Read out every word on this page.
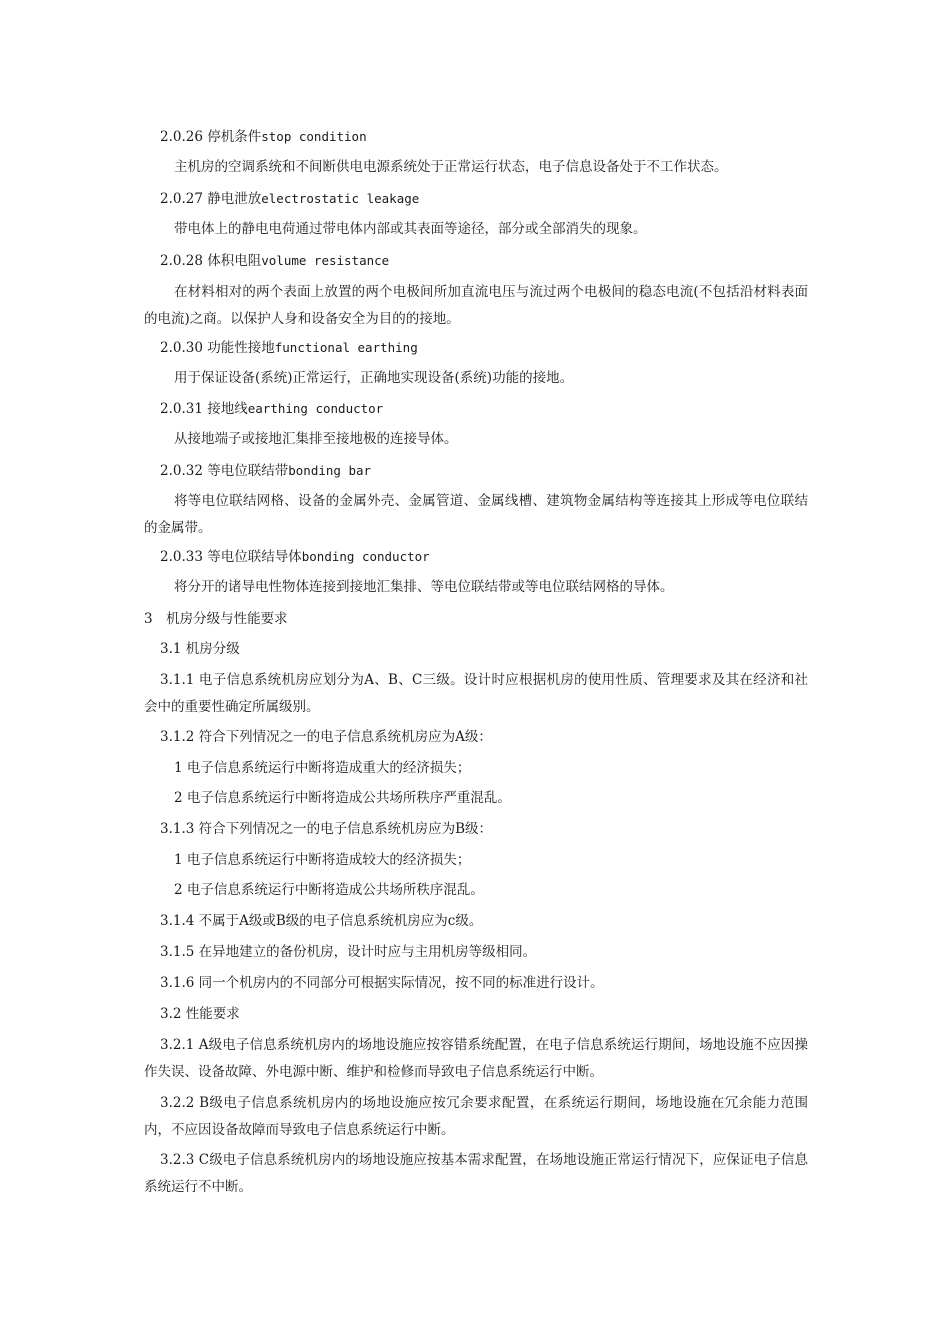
2.0.26 停机条件stop condition

主机房的空调系统和不间断供电电源系统处于正常运行状态，电子信息设备处于不工作状态。

2.0.27 静电泄放electrostatic leakage

带电体上的静电电荷通过带电体内部或其表面等途径，部分或全部消失的现象。

2.0.28 体积电阻volume resistance

在材料相对的两个表面上放置的两个电极间所加直流电压与流过两个电极间的稳态电流(不包括沿材料表面的电流)之商。以保护人身和设备安全为目的的接地。

2.0.30 功能性接地functional earthing

用于保证设备(系统)正常运行，正确地实现设备(系统)功能的接地。

2.0.31 接地线earthing conductor

从接地端子或接地汇集排至接地极的连接导体。

2.0.32 等电位联结带bonding bar

将等电位联结网格、设备的金属外壳、金属管道、金属线槽、建筑物金属结构等连接其上形成等电位联结的金属带。

2.0.33 等电位联结导体bonding conductor

将分开的诸导电性物体连接到接地汇集排、等电位联结带或等电位联结网格的导体。

3　机房分级与性能要求

3.1 机房分级

3.1.1 电子信息系统机房应划分为A、B、C三级。设计时应根据机房的使用性质、管理要求及其在经济和社会中的重要性确定所属级别。

3.1.2 符合下列情况之一的电子信息系统机房应为A级：

1 电子信息系统运行中断将造成重大的经济损失；

2 电子信息系统运行中断将造成公共场所秩序严重混乱。

3.1.3 符合下列情况之一的电子信息系统机房应为B级：

1 电子信息系统运行中断将造成较大的经济损失；

2 电子信息系统运行中断将造成公共场所秩序混乱。

3.1.4 不属于A级或B级的电子信息系统机房应为c级。

3.1.5 在异地建立的备份机房，设计时应与主用机房等级相同。

3.1.6 同一个机房内的不同部分可根据实际情况，按不同的标准进行设计。

3.2 性能要求

3.2.1 A级电子信息系统机房内的场地设施应按容错系统配置，在电子信息系统运行期间，场地设施不应因操作失误、设备故障、外电源中断、维护和检修而导致电子信息系统运行中断。

3.2.2 B级电子信息系统机房内的场地设施应按冗余要求配置，在系统运行期间，场地设施在冗余能力范围内，不应因设备故障而导致电子信息系统运行中断。

3.2.3 C级电子信息系统机房内的场地设施应按基本需求配置，在场地设施正常运行情况下，应保证电子信息系统运行不中断。
